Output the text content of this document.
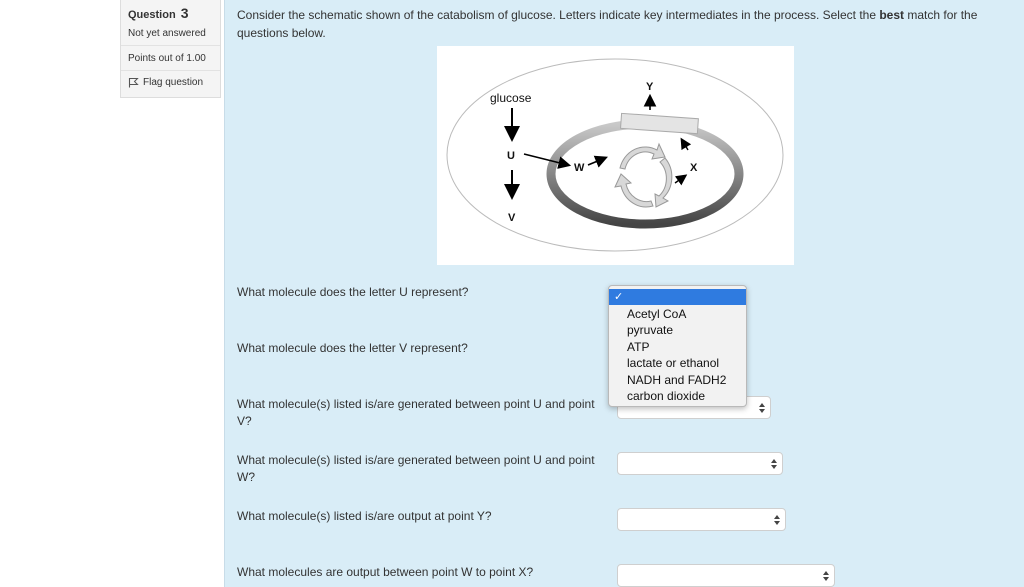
Question 3
Not yet answered
Points out of 1.00
Flag question
Consider the schematic shown of the catabolism of glucose. Letters indicate key intermediates in the process. Select the best match for the questions below.
glucose
U
V
W	X
Y
What molecule does the letter U represent?
What molecule does the letter V represent?
What molecule(s) listed is/are generated between point U and point V?
What molecule(s) listed is/are generated between point U and point W?
What molecule(s) listed is/are output at point Y?
What molecules are output between point W to point X?
✓
Acetyl CoA
pyruvate
ATP
lactate or ethanol
NADH and FADH2
carbon dioxide
